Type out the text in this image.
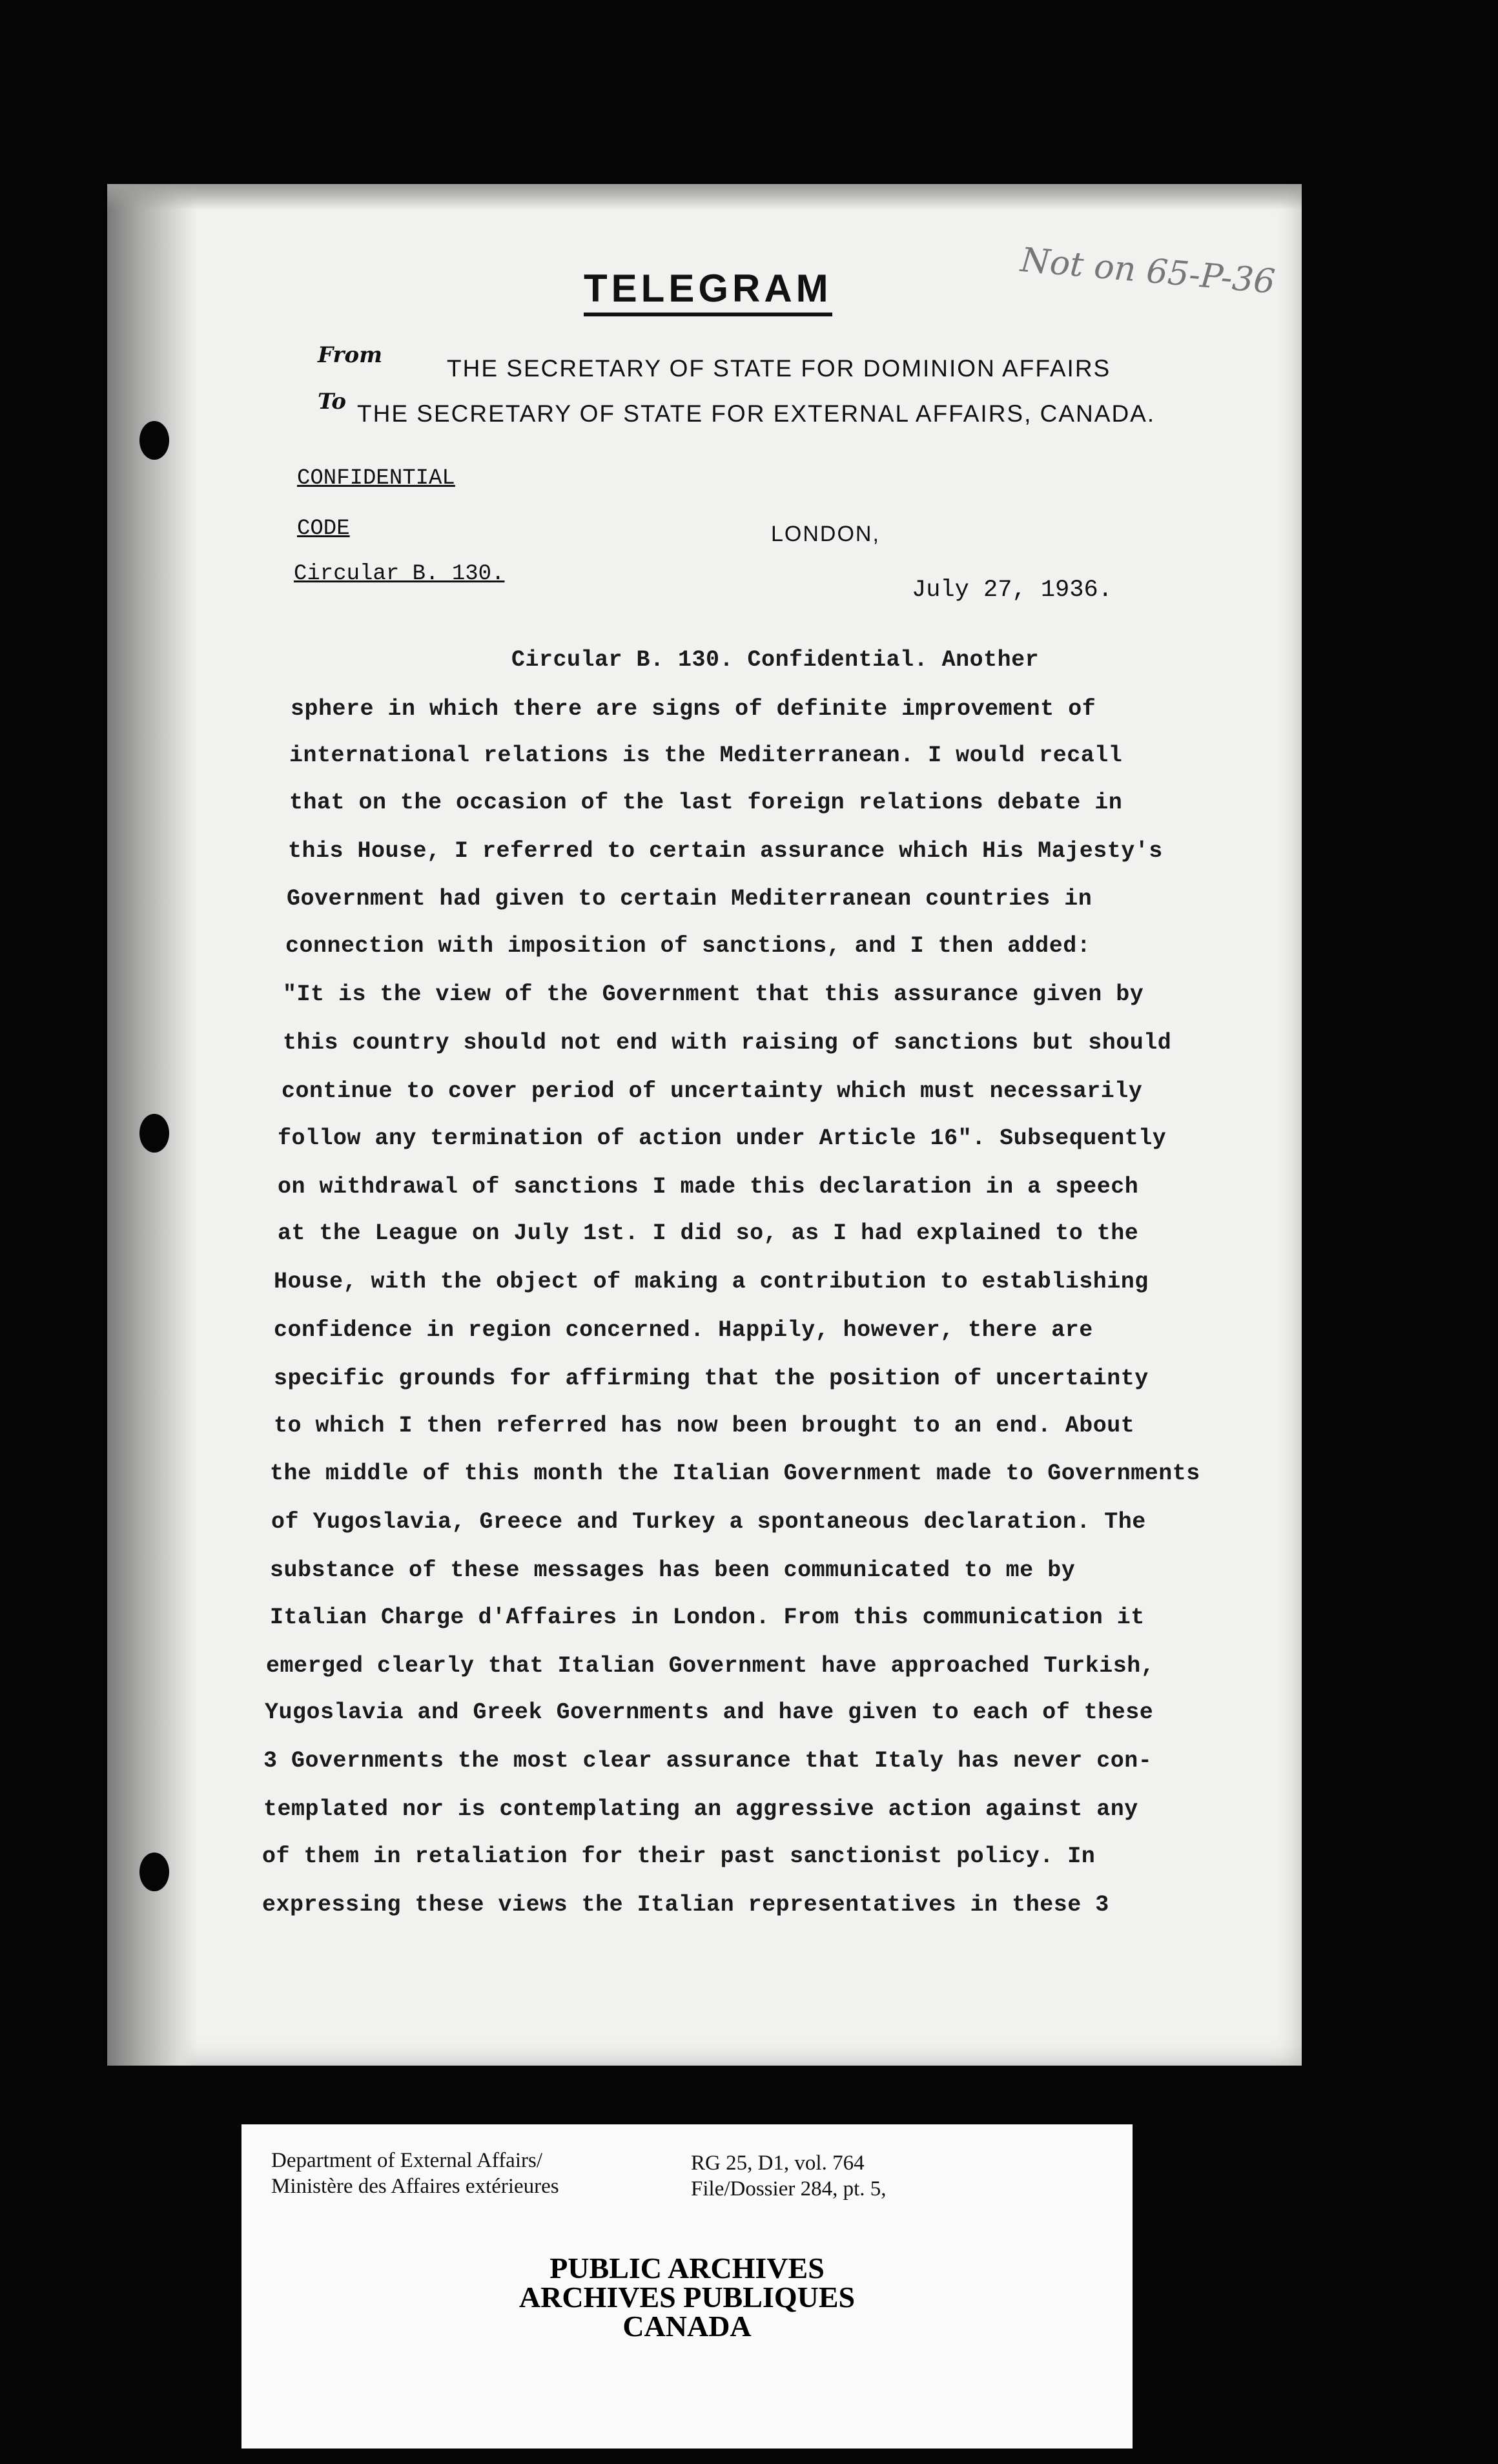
TELEGRAM	Not on 65-P-36
From	THE SECRETARY OF STATE FOR DOMINION AFFAIRS
To THE SECRETARY OF STATE FOR EXTERNAL AFFAIRS, CANADA.
CONFIDENTIAL
CODE
Circular B. 130.
LONDON,
July 27, 1936.
Circular B. 130. Confidential. Another
sphere in which there are signs of definite improvement of
international relations is the Mediterranean. I would recall
that on the occasion of the last foreign relations debate in
this House, I referred to certain assurance which His Majesty's
Government had given to certain Mediterranean countries in
connection with imposition of sanctions, and I then added:
"It is the view of the Government that this assurance given by
this country should not end with raising of sanctions but should
continue to cover period of uncertainty which must necessarily
follow any termination of action under Article 16". Subsequently
on withdrawal of sanctions I made this declaration in a speech
at the League on July 1st. I did so, as I had explained to the
House, with the object of making a contribution to establishing
confidence in region concerned. Happily, however, there are
specific grounds for affirming that the position of uncertainty
to which I then referred has now been brought to an end. About
the middle of this month the Italian Government made to Governments
of Yugoslavia, Greece and Turkey a spontaneous declaration. The
substance of these messages has been communicated to me by
Italian Charge d'Affaires in London. From this communication it
emerged clearly that Italian Government have approached Turkish,
Yugoslavia and Greek Governments and have given to each of these
3 Governments the most clear assurance that Italy has never con-
templated nor is contemplating an aggressive action against any
of them in retaliation for their past sanctionist policy. In
expressing these views the Italian representatives in these 3
Department of External Affairs/
Ministère des Affaires extérieures
RG 25, D1, vol. 764
File/Dossier 284, pt. 5,
PUBLIC ARCHIVES
ARCHIVES PUBLIQUES
CANADA
